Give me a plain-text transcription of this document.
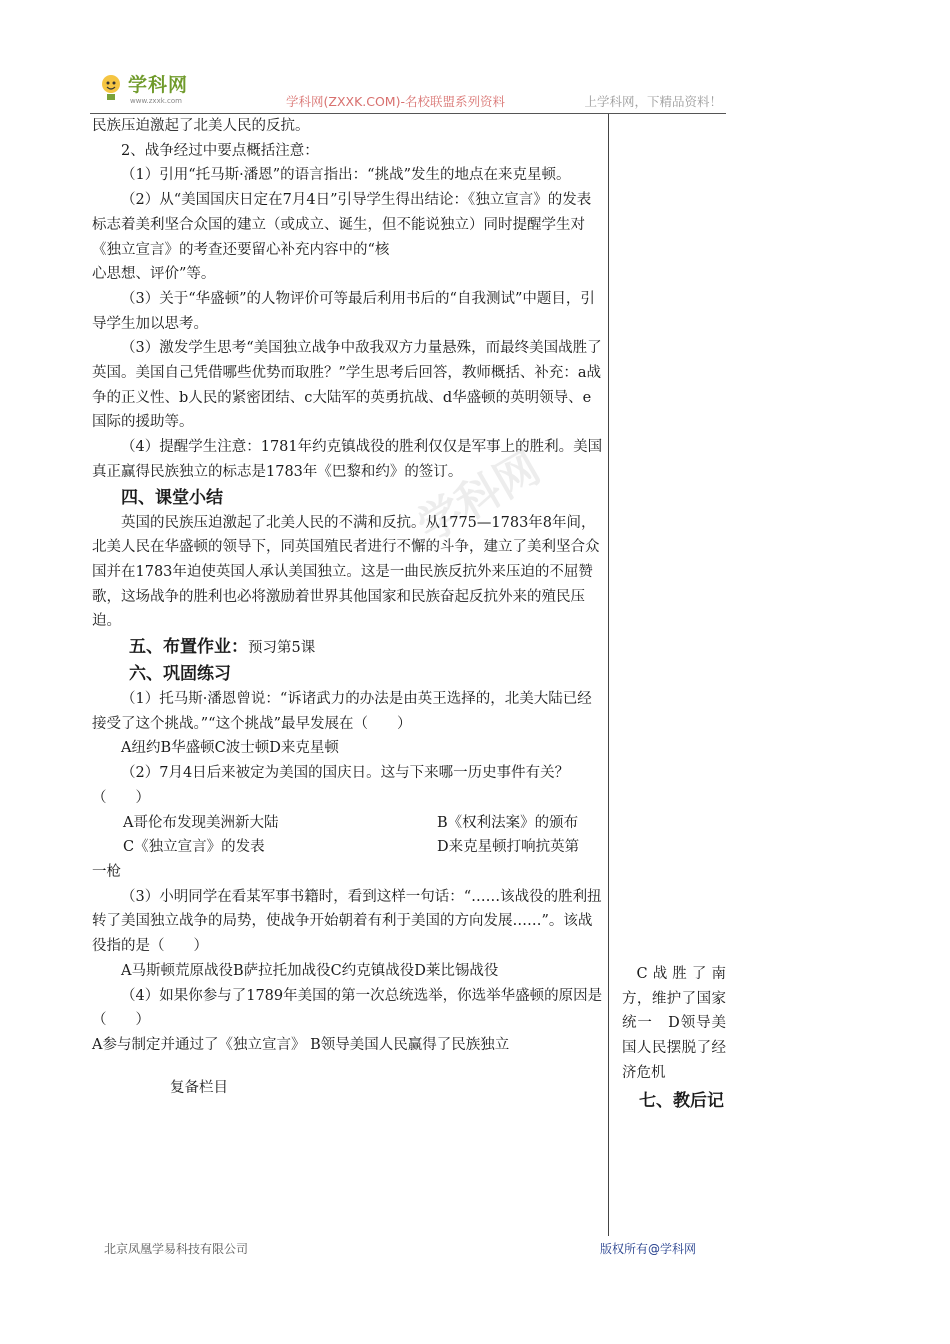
学科网
www.zxxk.com	学科网(ZXXK.COM)-名校联盟系列资料	上学科网，下精品资料！
学科网

民族压迫激起了北美人民的反抗。

2、战争经过中要点概括注意：

（1）引用“托马斯·潘恩”的语言指出：“挑战”发生的地点在来克星顿。

（2）从“美国国庆日定在7月4日”引导学生得出结论：《独立宣言》的发表标志着美利坚合众国的建立（或成立、诞生，但不能说独立）同时提醒学生对《独立宣言》的考查还要留心补充内容中的“核

心思想、评价”等。

（3）关于“华盛顿”的人物评价可等最后利用书后的“自我测试”中题目，引导学生加以思考。

（3）激发学生思考“美国独立战争中敌我双方力量悬殊，而最终美国战胜了英国。美国自己凭借哪些优势而取胜？”学生思考后回答，教师概括、补充：a战争的正义性、b人民的紧密团结、c大陆军的英勇抗战、d华盛顿的英明领导、e国际的援助等。

（4）提醒学生注意：1781年约克镇战役的胜利仅仅是军事上的胜利。美国真正赢得民族独立的标志是1783年《巴黎和约》的签订。

四、课堂小结

英国的民族压迫激起了北美人民的不满和反抗。从1775—1783年8年间，北美人民在华盛顿的领导下，同英国殖民者进行不懈的斗争，建立了美利坚合众国并在1783年迫使英国人承认美国独立。这是一曲民族反抗外来压迫的不屈赞歌，这场战争的胜利也必将激励着世界其他国家和民族奋起反抗外来的殖民压迫。

五、布置作业：预习第5课

六、巩固练习

（1）托马斯·潘恩曾说：“诉诸武力的办法是由英王选择的，北美大陆已经接受了这个挑战。”“这个挑战”最早发展在（　　）

A纽约B华盛顿C波士顿D来克星顿

（2）7月4日后来被定为美国的国庆日。这与下来哪一历史事件有关？（　　）

A哥伦布发现美洲新大陆	B《权利法案》的颁布
C《独立宣言》的发表	D来克星顿打响抗英第

一枪

（3）小明同学在看某军事书籍时，看到这样一句话：“……该战役的胜利扭转了美国独立战争的局势，使战争开始朝着有利于美国的方向发展……”。该战役指的是（　　）

A马斯顿荒原战役B萨拉托加战役C约克镇战役D莱比锡战役

（4）如果你参与了1789年美国的第一次总统选举，你选举华盛顿的原因是（　　）

A参与制定并通过了《独立宣言》 B领导美国人民赢得了民族独立

复备栏目

C战胜了南方，维护了国家统一　D领导美国人民摆脱了经济危机

七、教后记

北京凤凰学易科技有限公司	版权所有@学科网
